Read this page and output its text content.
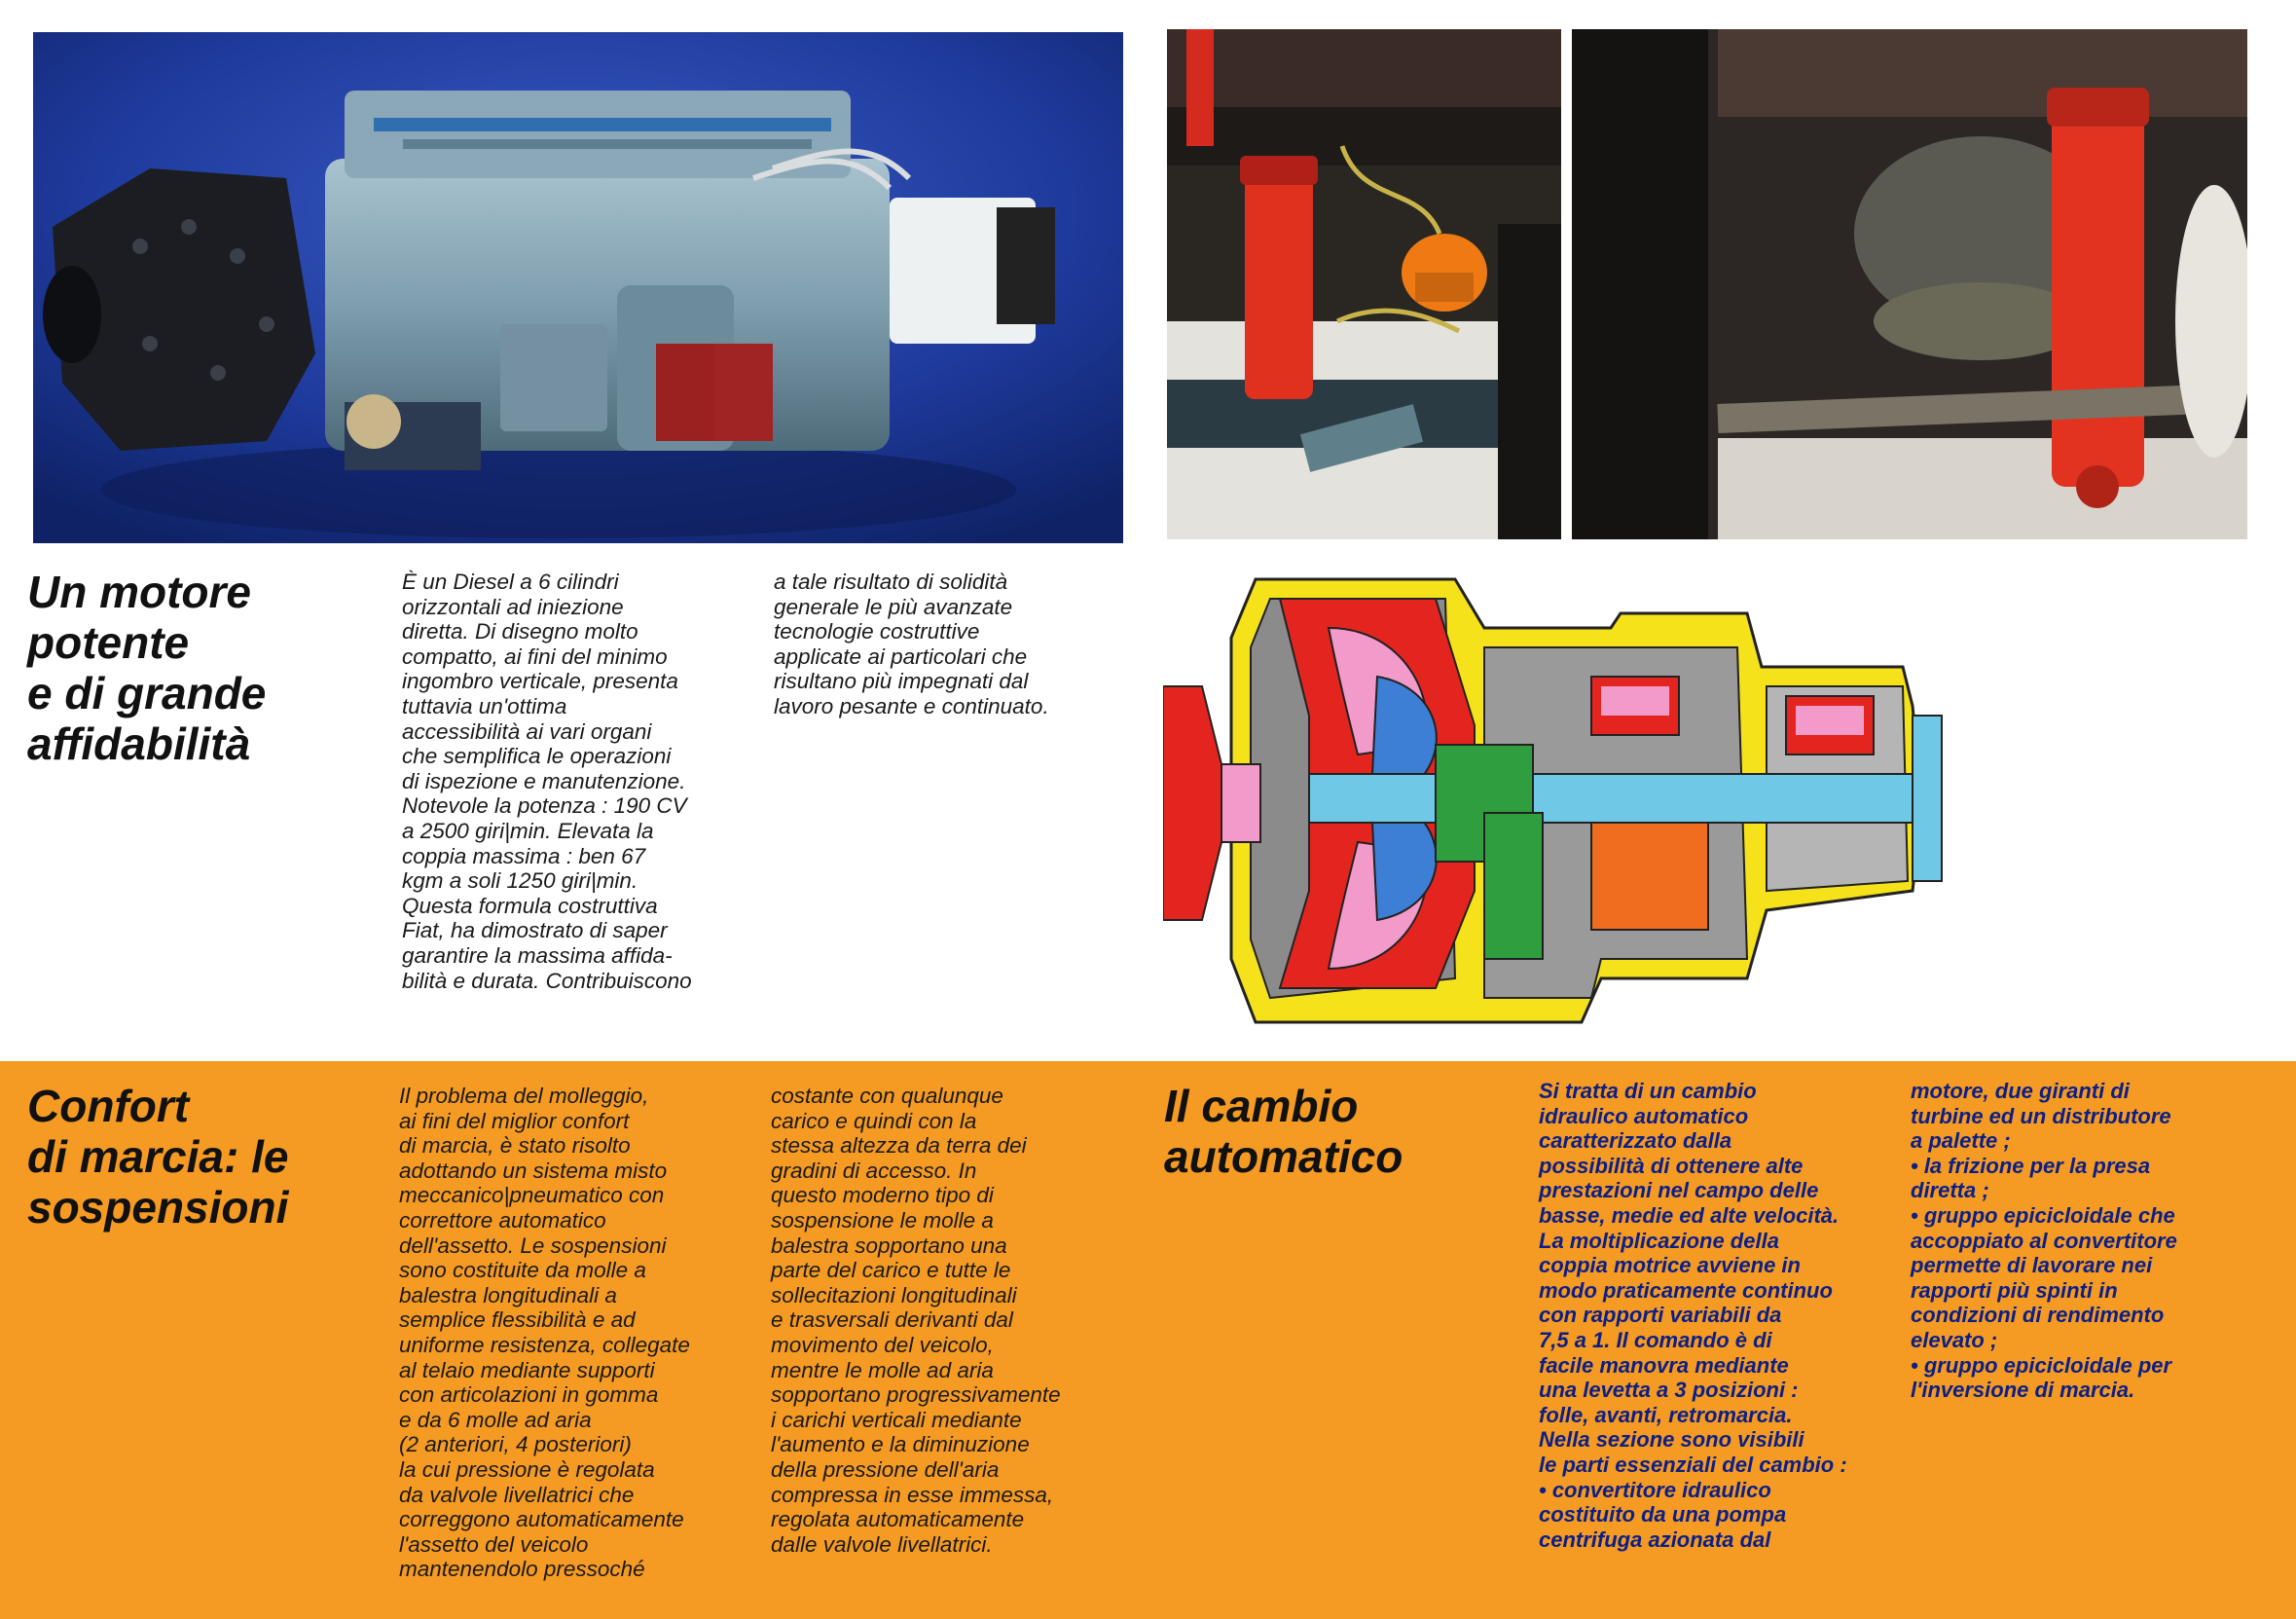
Un motore
potente
e di grande
affidabilità
È un Diesel a 6 cilindri
orizzontali ad iniezione
diretta. Di disegno molto
compatto, ai fini del minimo
ingombro verticale, presenta
tuttavia un'ottima
accessibilità ai vari organi
che semplifica le operazioni
di ispezione e manutenzione.
Notevole la potenza : 190 CV
a 2500 giri|min. Elevata la
coppia massima : ben 67
kgm a soli 1250 giri|min.
Questa formula costruttiva
Fiat, ha dimostrato di saper
garantire la massima affida-
bilità e durata. Contribuiscono
a tale risultato di solidità
generale le più avanzate
tecnologie costruttive
applicate ai particolari che
risultano più impegnati dal
lavoro pesante e continuato.
Confort
di marcia: le
sospensioni
Il problema del molleggio,
ai fini del miglior confort
di marcia, è stato risolto
adottando un sistema misto
meccanico|pneumatico con
correttore automatico
dell'assetto. Le sospensioni
sono costituite da molle a
balestra longitudinali a
semplice flessibilità e ad
uniforme resistenza, collegate
al telaio mediante supporti
con articolazioni in gomma
e da 6 molle ad aria
(2 anteriori, 4 posteriori)
la cui pressione è regolata
da valvole livellatrici che
correggono automaticamente
l'assetto del veicolo
mantenendolo pressoché
costante con qualunque
carico e quindi con la
stessa altezza da terra dei
gradini di accesso. In
questo moderno tipo di
sospensione le molle a
balestra sopportano una
parte del carico e tutte le
sollecitazioni longitudinali
e trasversali derivanti dal
movimento del veicolo,
mentre le molle ad aria
sopportano progressivamente
i carichi verticali mediante
l'aumento e la diminuzione
della pressione dell'aria
compressa in esse immessa,
regolata automaticamente
dalle valvole livellatrici.
Il cambio
automatico
Si tratta di un cambio
idraulico automatico
caratterizzato dalla
possibilità di ottenere alte
prestazioni nel campo delle
basse, medie ed alte velocità.
La moltiplicazione della
coppia motrice avviene in
modo praticamente continuo
con rapporti variabili da
7,5 a 1. Il comando è di
facile manovra mediante
una levetta a 3 posizioni :
folle, avanti, retromarcia.
Nella sezione sono visibili
le parti essenziali del cambio :
• convertitore idraulico
costituito da una pompa
centrifuga azionata dal
motore, due giranti di
turbine ed un distributore
a palette ;
• la frizione per la presa
diretta ;
• gruppo epicicloidale che
accoppiato al convertitore
permette di lavorare nei
rapporti più spinti in
condizioni di rendimento
elevato ;
• gruppo epicicloidale per
l'inversione di marcia.
